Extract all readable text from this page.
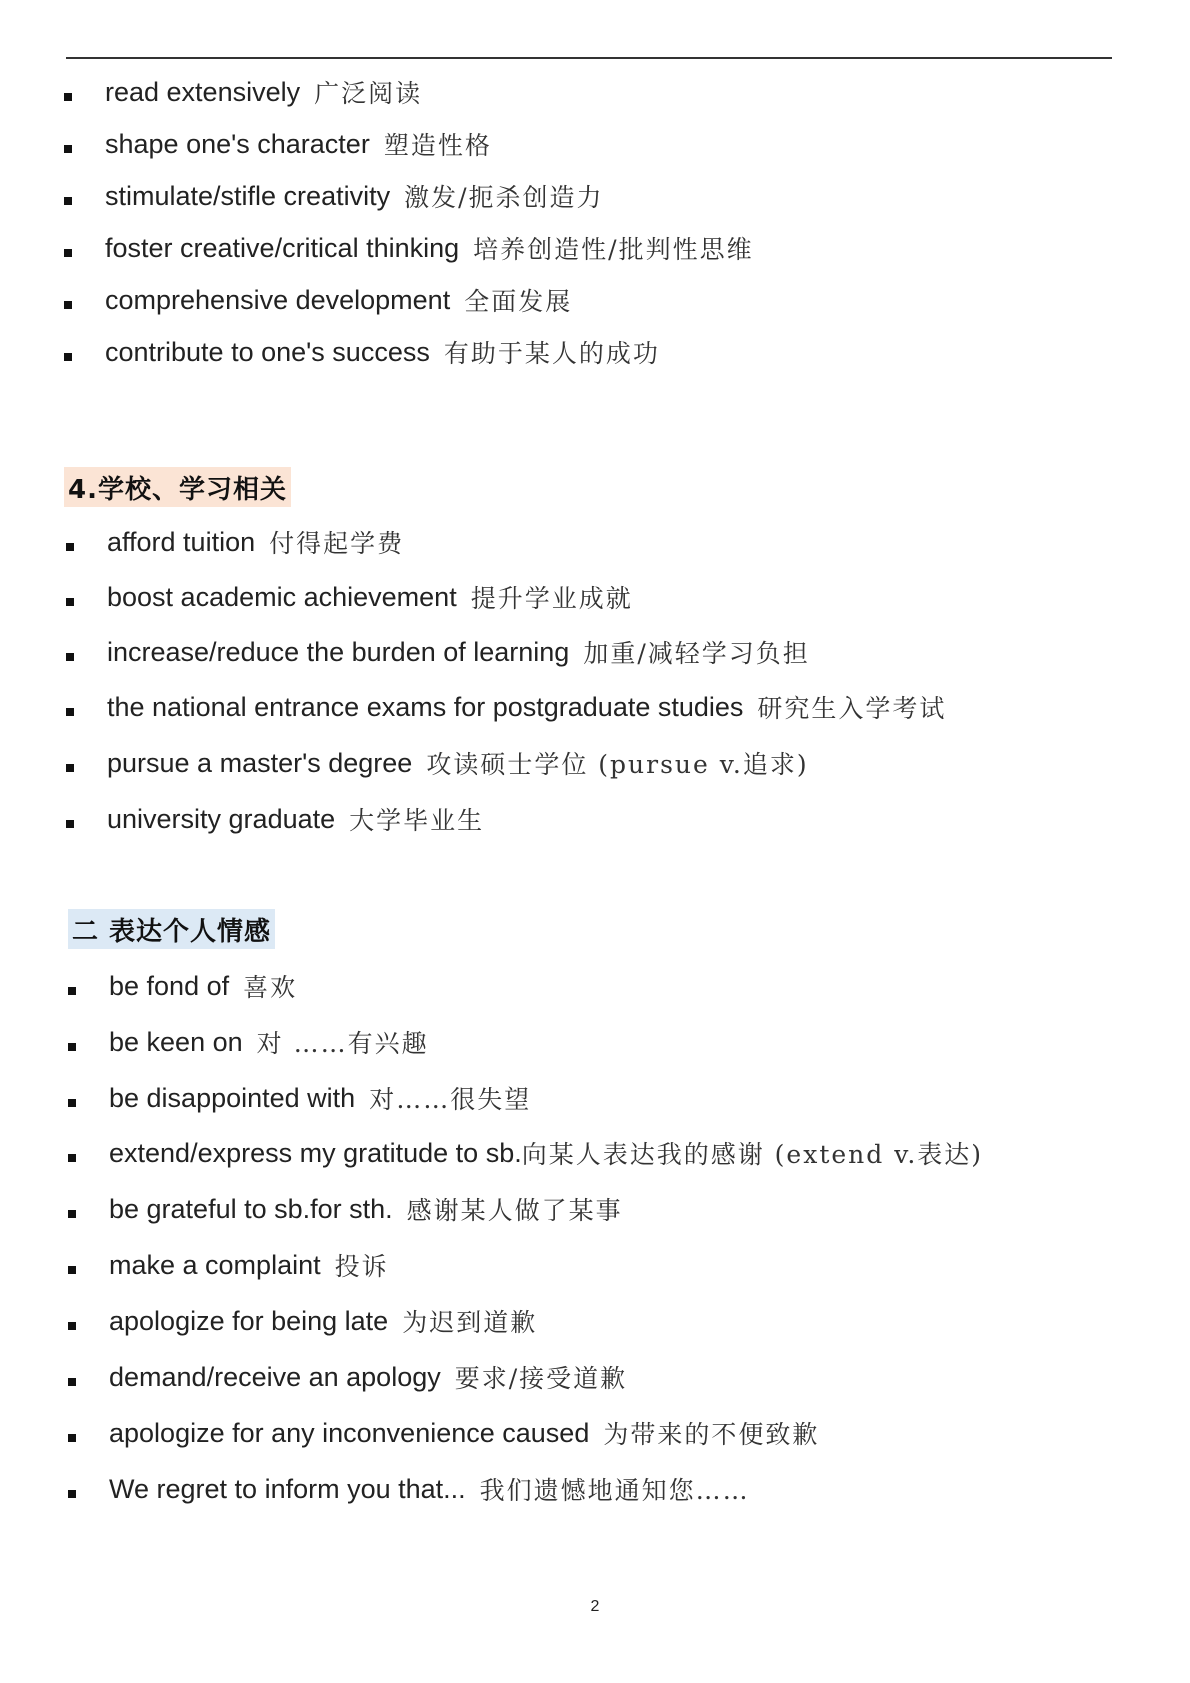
read extensively 广泛阅读
shape one's character 塑造性格
stimulate/stifle creativity 激发/扼杀创造力
foster creative/critical thinking 培养创造性/批判性思维
comprehensive development 全面发展
contribute to one's success 有助于某人的成功
4.学校、学习相关
afford tuition 付得起学费
boost academic achievement 提升学业成就
increase/reduce the burden of learning 加重/减轻学习负担
the national entrance exams for postgraduate studies 研究生入学考试
pursue a master's degree 攻读硕士学位 (pursue v.追求)
university graduate 大学毕业生
二 表达个人情感
be fond of 喜欢
be keen on 对 ……有兴趣
be disappointed with 对……很失望
extend/express my gratitude to sb. 向某人表达我的感谢 (extend v.表达)
be grateful to sb.for sth. 感谢某人做了某事
make a complaint 投诉
apologize for being late 为迟到道歉
demand/receive an apology 要求/接受道歉
apologize for any inconvenience caused 为带来的不便致歉
We regret to inform you that... 我们遗憾地通知您……
2
